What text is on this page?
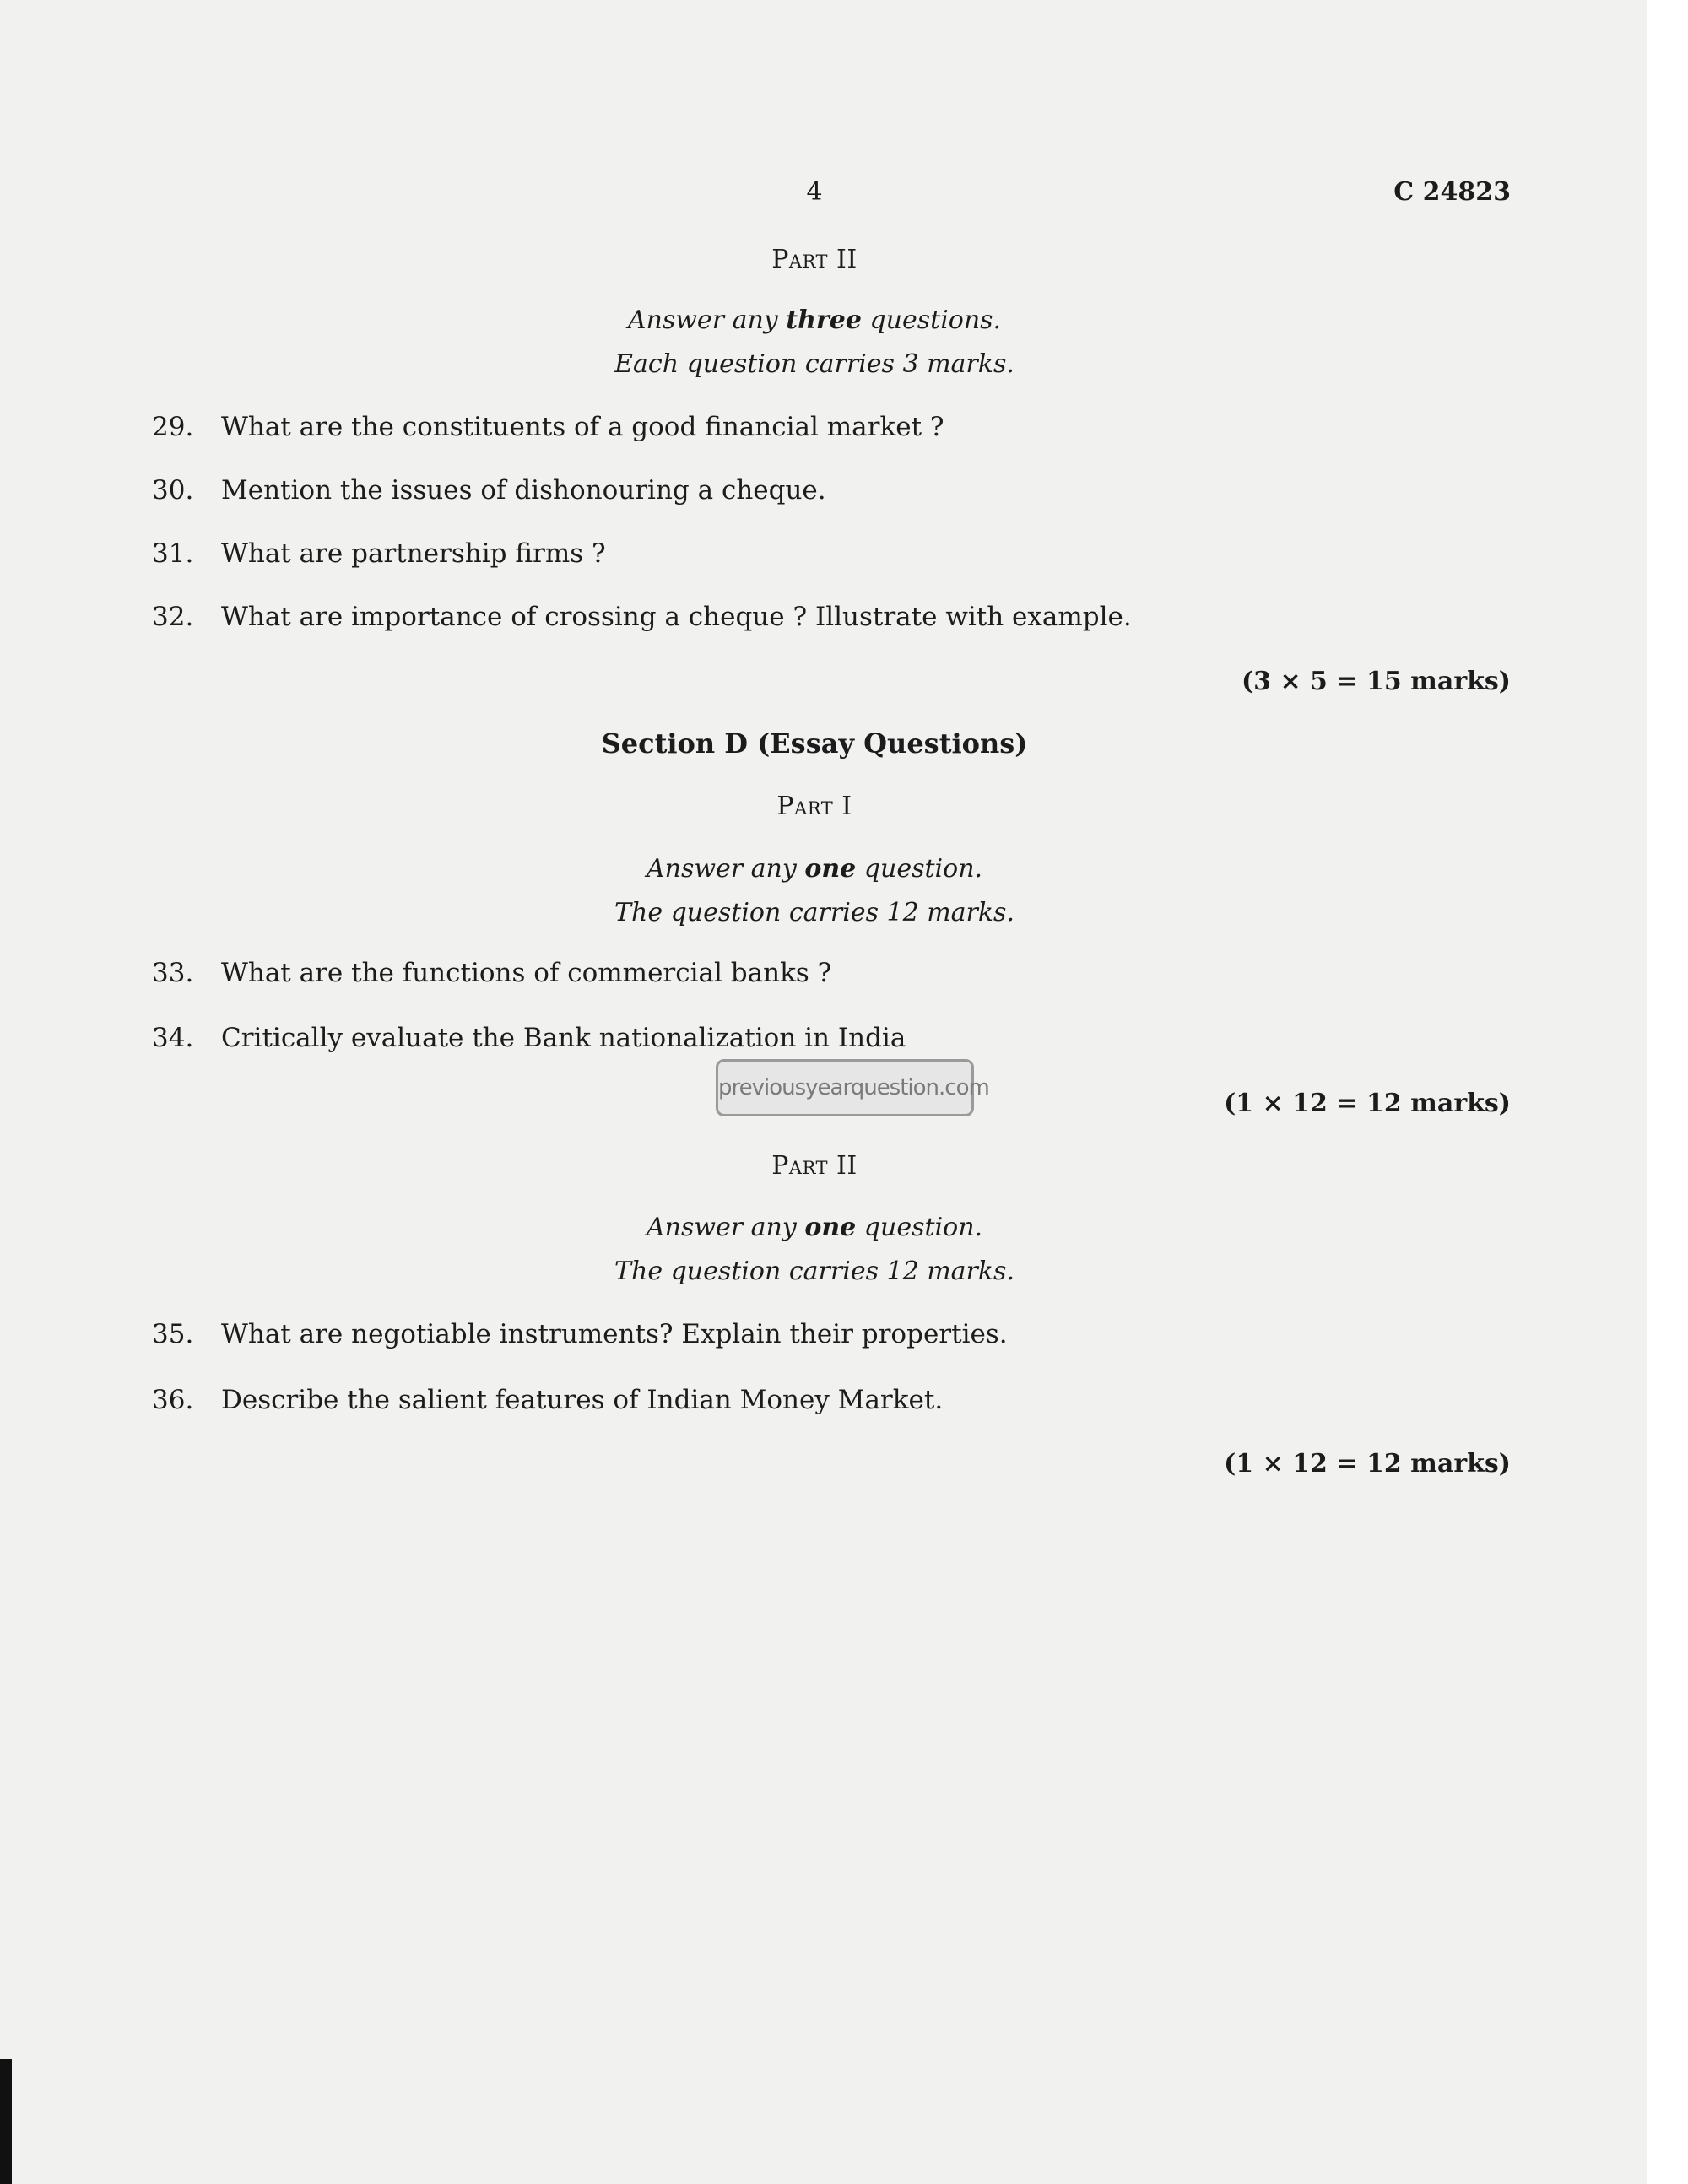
4	C 24823
Part II
Answer any three questions.
Each question carries 3 marks.
29. What are the constituents of a good financial market ?
30. Mention the issues of dishonouring a cheque.
31. What are partnership firms ?
32. What are importance of crossing a cheque ? Illustrate with example.
(3 × 5 = 15 marks)
Section D (Essay Questions)
Part I
Answer any one question.
The question carries 12 marks.
33. What are the functions of commercial banks ?
34. Critically evaluate the Bank nationalization in India
previousyearquestion.com
(1 × 12 = 12 marks)
Part II
Answer any one question.
The question carries 12 marks.
35. What are negotiable instruments? Explain their properties.
36. Describe the salient features of Indian Money Market.
(1 × 12 = 12 marks)
